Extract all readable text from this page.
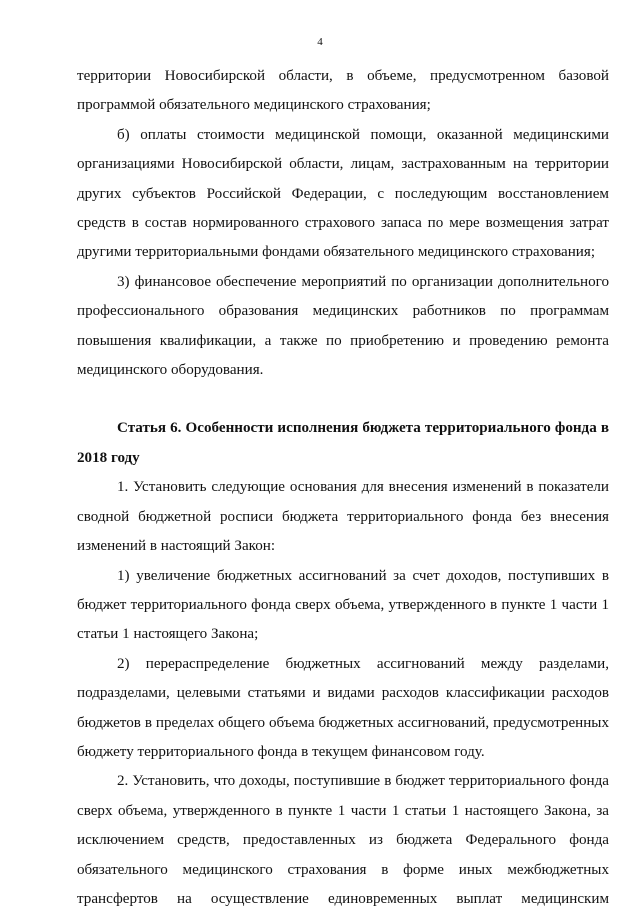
4

территории Новосибирской области, в объеме, предусмотренном базовой программой обязательного медицинского страхования;

б) оплаты стоимости медицинской помощи, оказанной медицинскими организациями Новосибирской области, лицам, застрахованным на территории других субъектов Российской Федерации, с последующим восстановлением средств в состав нормированного страхового запаса по мере возмещения затрат другими территориальными фондами обязательного медицинского страхования;

3) финансовое обеспечение мероприятий по организации дополнительного профессионального образования медицинских работников по программам повышения квалификации, а также по приобретению и проведению ремонта медицинского оборудования.

Статья 6. Особенности исполнения бюджета территориального фонда в 2018 году

1. Установить следующие основания для внесения изменений в показатели сводной бюджетной росписи бюджета территориального фонда без внесения изменений в настоящий Закон:

1) увеличение бюджетных ассигнований за счет доходов, поступивших в бюджет территориального фонда сверх объема, утвержденного в пункте 1 части 1 статьи 1 настоящего Закона;

2) перераспределение бюджетных ассигнований между разделами, подразделами, целевыми статьями и видами расходов классификации расходов бюджетов в пределах общего объема бюджетных ассигнований, предусмотренных бюджету территориального фонда в текущем финансовом году.

2. Установить, что доходы, поступившие в бюджет территориального фонда сверх объема, утвержденного в пункте 1 части 1 статьи 1 настоящего Закона, за исключением средств, предоставленных из бюджета Федерального фонда обязательного медицинского страхования в форме иных межбюджетных трансфертов на осуществление единовременных выплат медицинским
